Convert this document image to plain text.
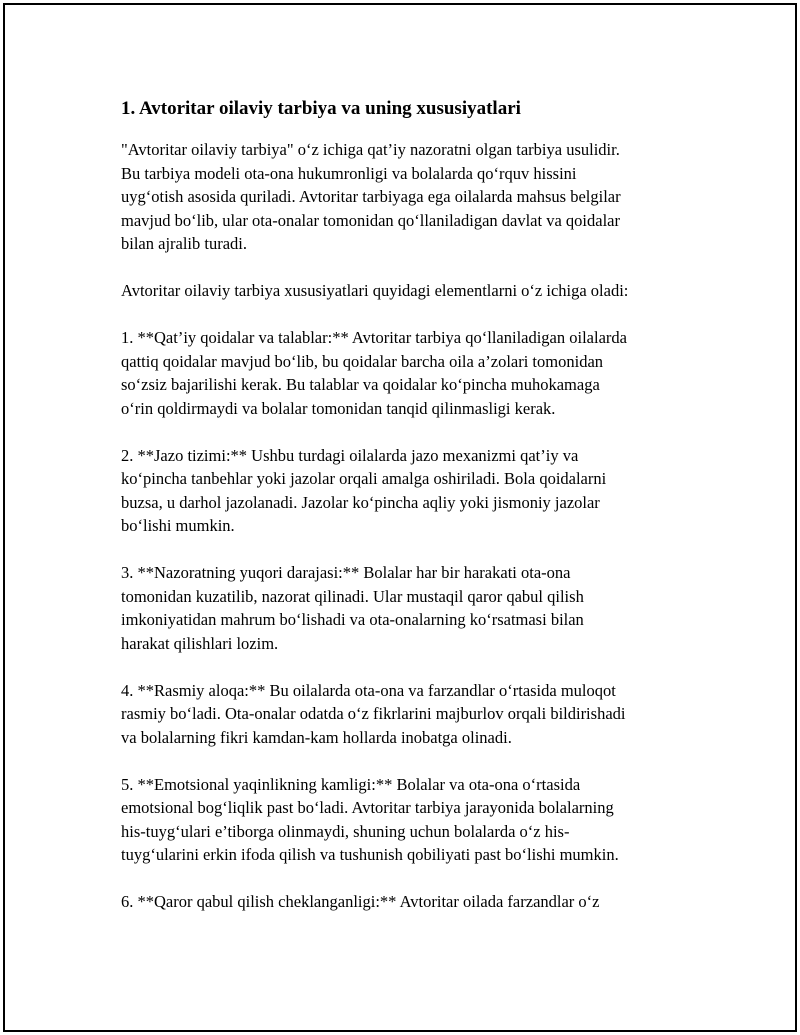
1. Avtoritar oilaviy tarbiya va uning xususiyatlari
"Avtoritar oilaviy tarbiya" o‘z ichiga qat’iy nazoratni olgan tarbiya usulidir.
Bu tarbiya modeli ota-ona hukumronligi va bolalarda qo‘rquv hissini
uyg‘otish asosida quriladi. Avtoritar tarbiyaga ega oilalarda mahsus belgilar
mavjud bo‘lib, ular ota-onalar tomonidan qo‘llaniladigan davlat va qoidalar
bilan ajralib turadi.
Avtoritar oilaviy tarbiya xususiyatlari quyidagi elementlarni o‘z ichiga oladi:
1. **Qat’iy qoidalar va talablar:** Avtoritar tarbiya qo‘llaniladigan oilalarda
qattiq qoidalar mavjud bo‘lib, bu qoidalar barcha oila a’zolari tomonidan
so‘zsiz bajarilishi kerak. Bu talablar va qoidalar ko‘pincha muhokamaga
o‘rin qoldirmaydi va bolalar tomonidan tanqid qilinmasligi kerak.
2. **Jazo tizimi:** Ushbu turdagi oilalarda jazo mexanizmi qat’iy va
ko‘pincha tanbehlar yoki jazolar orqali amalga oshiriladi. Bola qoidalarni
buzsa, u darhol jazolanadi. Jazolar ko‘pincha aqliy yoki jismoniy jazolar
bo‘lishi mumkin.
3. **Nazoratning yuqori darajasi:** Bolalar har bir harakati ota-ona
tomonidan kuzatilib, nazorat qilinadi. Ular mustaqil qaror qabul qilish
imkoniyatidan mahrum bo‘lishadi va ota-onalarning ko‘rsatmasi bilan
harakat qilishlari lozim.
4. **Rasmiy aloqa:** Bu oilalarda ota-ona va farzandlar o‘rtasida muloqot
rasmiy bo‘ladi. Ota-onalar odatda o‘z fikrlarini majburlov orqali bildirishadi
va bolalarning fikri kamdan-kam hollarda inobatga olinadi.
5. **Emotsional yaqinlikning kamligi:** Bolalar va ota-ona o‘rtasida
emotsional bog‘liqlik past bo‘ladi. Avtoritar tarbiya jarayonida bolalarning
his-tuyg‘ulari e’tiborga olinmaydi, shuning uchun bolalarda o‘z his-
tuyg‘ularini erkin ifoda qilish va tushunish qobiliyati past bo‘lishi mumkin.
6. **Qaror qabul qilish cheklanganligi:** Avtoritar oilada farzandlar o‘z
